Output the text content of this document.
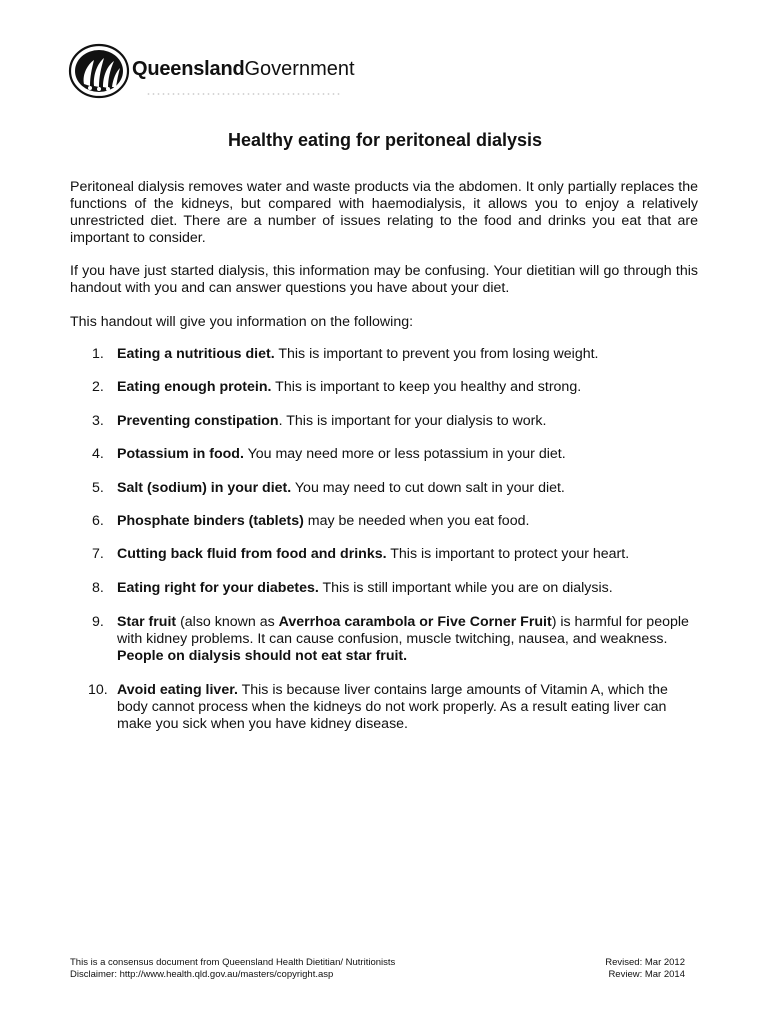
QueenslandGovernment
Healthy eating for peritoneal dialysis

Peritoneal dialysis removes water and waste products via the abdomen. It only partially replaces the functions of the kidneys, but compared with haemodialysis, it allows you to enjoy a relatively unrestricted diet. There are a number of issues relating to the food and drinks you eat that are important to consider.

If you have just started dialysis, this information may be confusing. Your dietitian will go through this handout with you and can answer questions you have about your diet.

This handout will give you information on the following:

1. Eating a nutritious diet. This is important to prevent you from losing weight.
2. Eating enough protein. This is important to keep you healthy and strong.
3. Preventing constipation. This is important for your dialysis to work.
4. Potassium in food. You may need more or less potassium in your diet.
5. Salt (sodium) in your diet. You may need to cut down salt in your diet.
6. Phosphate binders (tablets) may be needed when you eat food.
7. Cutting back fluid from food and drinks. This is important to protect your heart.
8. Eating right for your diabetes. This is still important while you are on dialysis.
9. Star fruit (also known as Averrhoa carambola or Five Corner Fruit) is harmful for people with kidney problems. It can cause confusion, muscle twitching, nausea, and weakness. People on dialysis should not eat star fruit.
10. Avoid eating liver. This is because liver contains large amounts of Vitamin A, which the body cannot process when the kidneys do not work properly. As a result eating liver can make you sick when you have kidney disease.
This is a consensus document from Queensland Health Dietitian/ Nutritionists
Disclaimer: http://www.health.qld.gov.au/masters/copyright.asp
Revised: Mar 2012
Review: Mar 2014
